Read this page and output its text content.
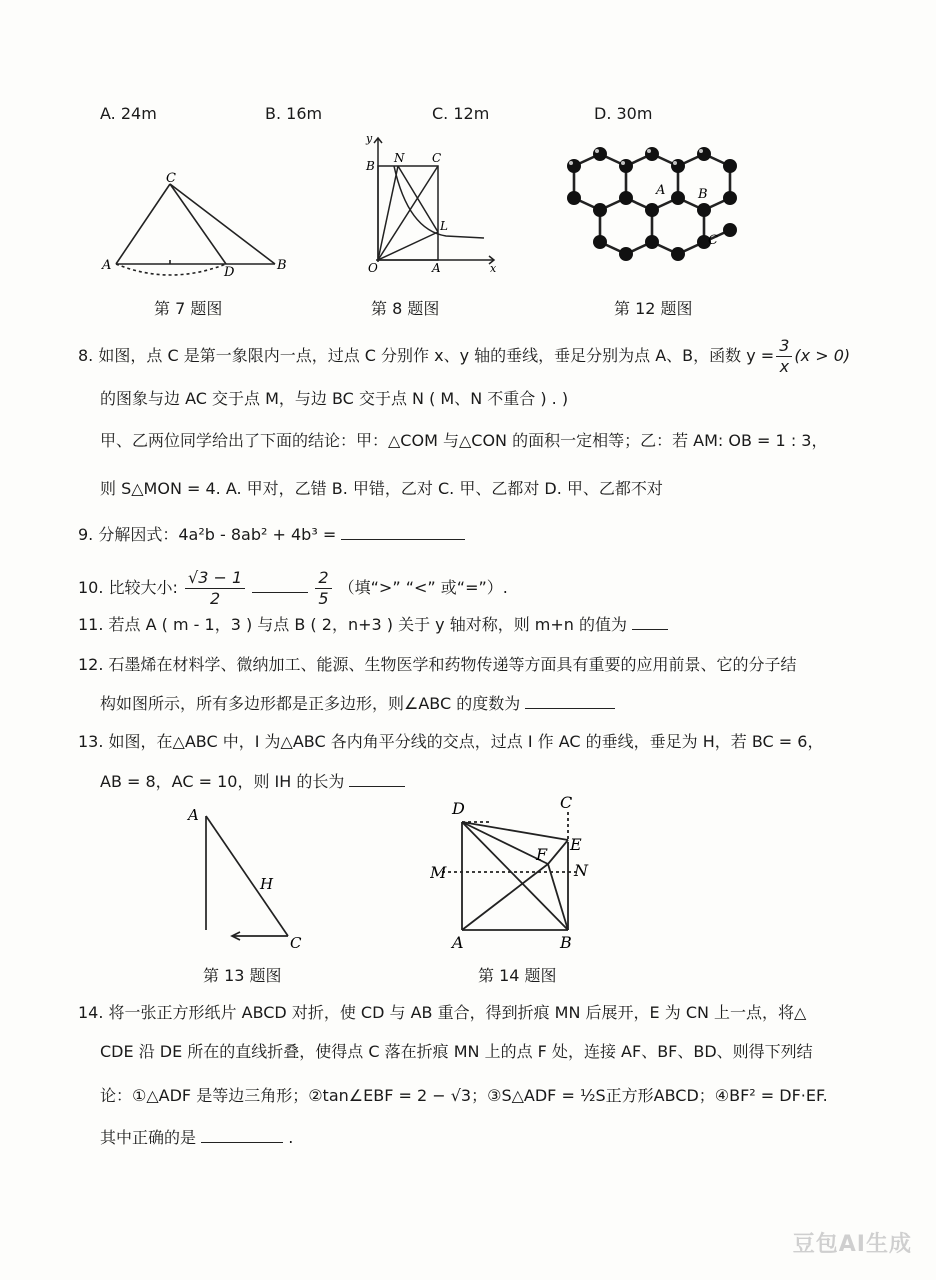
A. 24m	B. 16m	C. 12m	D. 30m
C
A	D	B
第 7 题图
y
B
N C
L
O	A	x
第 8 题图
A	B
C
第 12 题图
8. 如图，点 C 是第一象限内一点，过点 C 分别作 x、y 轴的垂线，垂足分别为点 A、B，函数 $y = \frac{3}{x} (x > 0)$
的图象与边 AC 交于点 M，与边 BC 交于点 N ( M、N 不重合 ) . )
甲、乙两位同学给出了下面的结论：甲：△COM 与△CON 的面积一定相等；乙：若 AM: OB = 1 : 3，
则 S△MON = 4. A. 甲对，乙错 B. 甲错，乙对 C. 甲、乙都对 D. 甲、乙都不对
9. 分解因式：4a²b - 8ab² + 4b³ =
10. 比较大小: $\frac{√3 - 1}{2}$
	$\frac{2}{5}$ （填“>” “<” 或“=”）.
11. 若点 A ( m - 1，3 ) 与点 B ( 2，n+3 ) 关于 y 轴对称，则 m+n 的值为
12. 石墨烯在材料学、微纳加工、能源、生物医学和药物传递等方面具有重要的应用前景、它的分子结
构如图所示，所有多边形都是正多边形，则∠ABC 的度数为
13. 如图，在△ABC 中，I 为△ABC 各内角平分线的交点，过点 I 作 AC 的垂线，垂足为 H，若 BC = 6，
AB = 8，AC = 10，则 IH 的长为
A
H
C
第 13 题图
D	C
E
F
M	N
A	B
第 14 题图
14. 将一张正方形纸片 ABCD 对折，使 CD 与 AB 重合，得到折痕 MN 后展开，E 为 CN 上一点，将△
CDE 沿 DE 所在的直线折叠，使得点 C 落在折痕 MN 上的点 F 处，连接 AF、BF、BD、则得下列结
论：①△ADF 是等边三角形；②tan∠EBF = 2 − √3；③S△ADF = ½S正方形ABCD；④BF² = DF·EF.
其中正确的是	.
豆包AI生成
